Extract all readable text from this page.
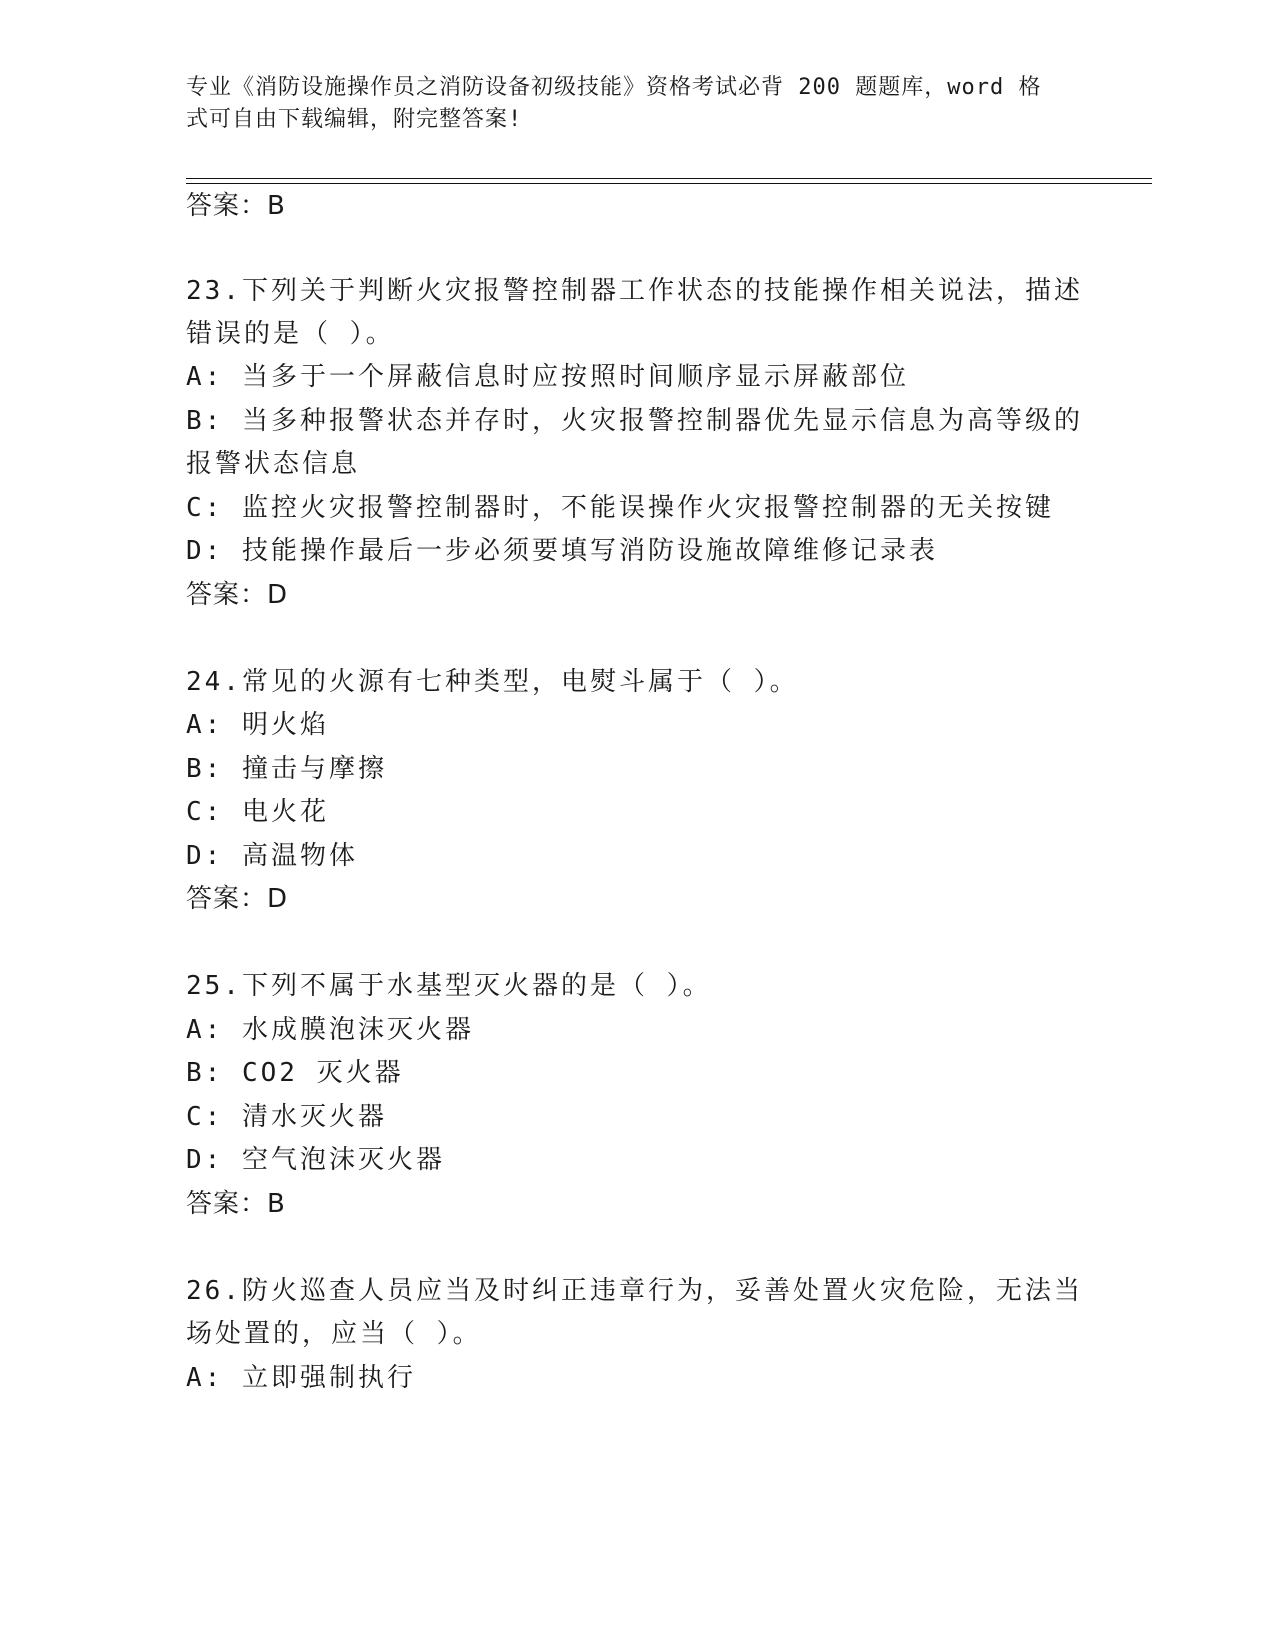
专业《消防设施操作员之消防设备初级技能》资格考试必背 200 题题库，word 格
式可自由下载编辑，附完整答案!
答案：B
23.下列关于判断火灾报警控制器工作状态的技能操作相关说法，描述
错误的是（ ）。
A: 当多于一个屏蔽信息时应按照时间顺序显示屏蔽部位
B: 当多种报警状态并存时，火灾报警控制器优先显示信息为高等级的
报警状态信息
C: 监控火灾报警控制器时，不能误操作火灾报警控制器的无关按键
D: 技能操作最后一步必须要填写消防设施故障维修记录表
答案：D
24.常见的火源有七种类型，电熨斗属于（ ）。
A: 明火焰
B: 撞击与摩擦
C: 电火花
D: 高温物体
答案：D
25.下列不属于水基型灭火器的是（ ）。
A: 水成膜泡沫灭火器
B: CO2 灭火器
C: 清水灭火器
D: 空气泡沫灭火器
答案：B
26.防火巡查人员应当及时纠正违章行为，妥善处置火灾危险，无法当
场处置的，应当（ ）。
A: 立即强制执行
